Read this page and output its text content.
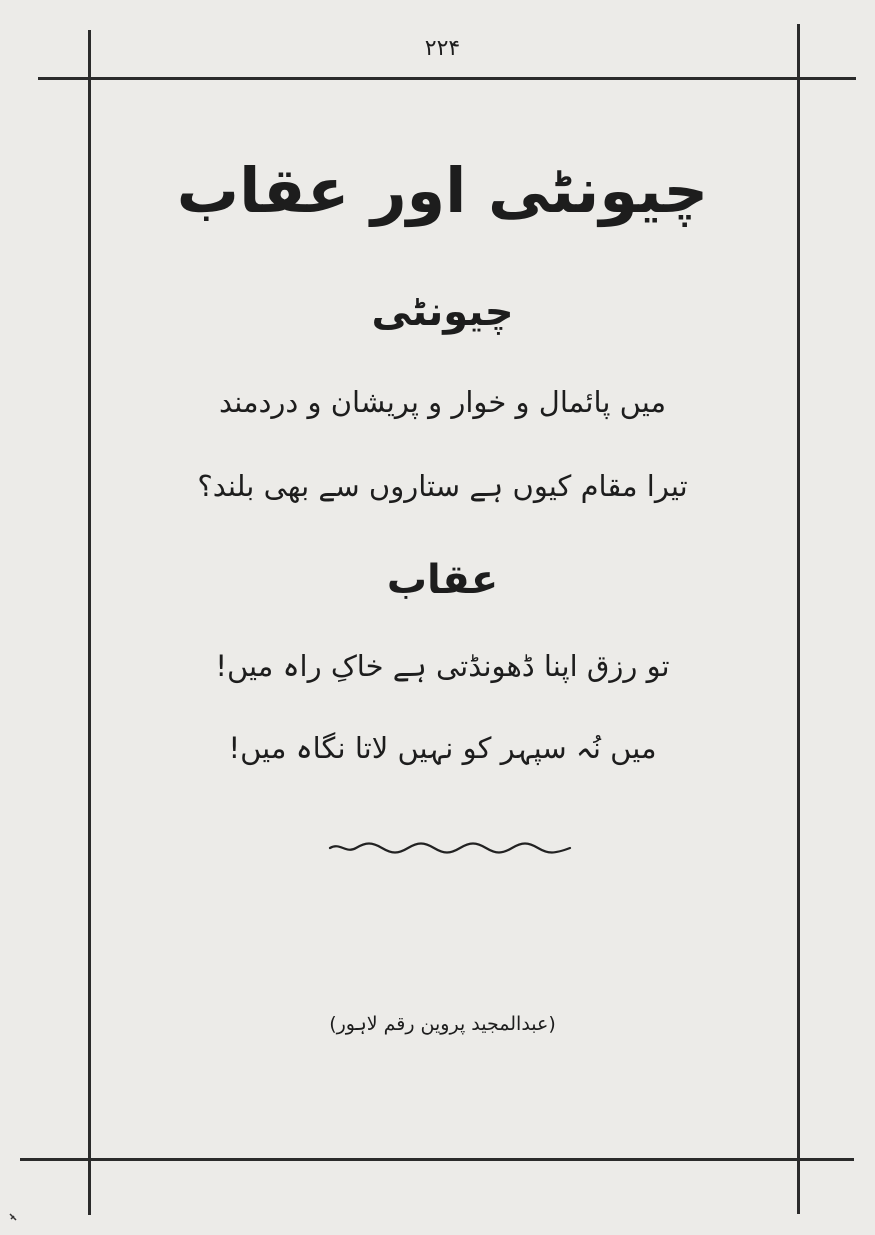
۲۲۴
چیونٹی اور عقاب
چیونٹی
میں پائمال و خوار و پریشان و دردمند
تیرا مقام کیوں ہے ستاروں سے بھی بلند؟
عقاب
تو رزق اپنا ڈھونڈتی ہے خاکِ راہ میں!
میں نُہ سپہر کو نہیں لاتا نگاہ میں!
(عبدالمجید پروین رقم لاہور)
